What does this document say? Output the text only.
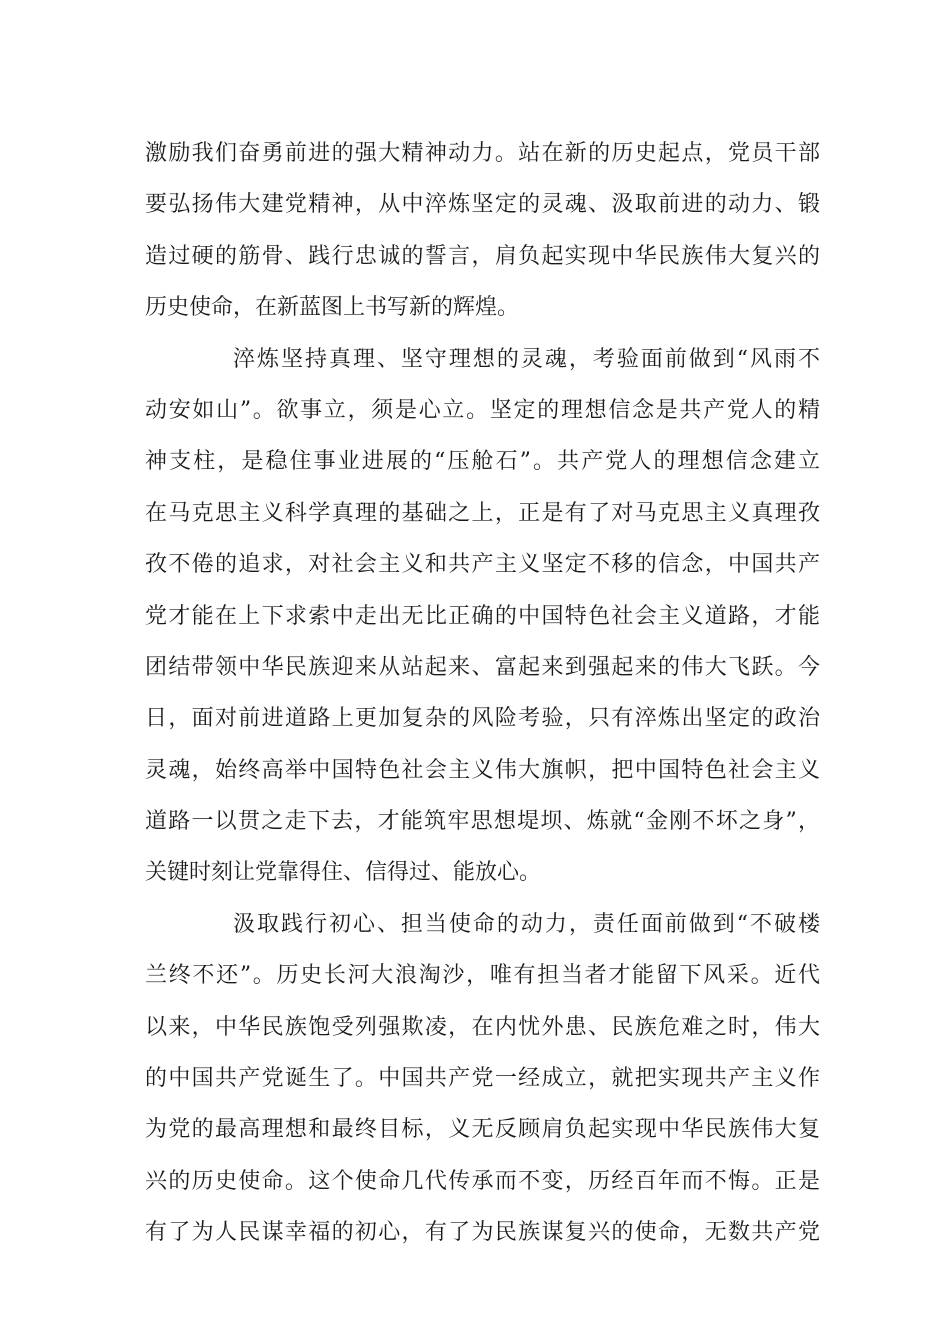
激励我们奋勇前进的强大精神动力。站在新的历史起点，党员干部
要弘扬伟大建党精神，从中淬炼坚定的灵魂、汲取前进的动力、锻
造过硬的筋骨、践行忠诚的誓言，肩负起实现中华民族伟大复兴的
历史使命，在新蓝图上书写新的辉煌。
淬炼坚持真理、坚守理想的灵魂，考验面前做到“风雨不
动安如山”。欲事立，须是心立。坚定的理想信念是共产党人的精
神支柱，是稳住事业进展的“压舱石”。共产党人的理想信念建立
在马克思主义科学真理的基础之上，正是有了对马克思主义真理孜
孜不倦的追求，对社会主义和共产主义坚定不移的信念，中国共产
党才能在上下求索中走出无比正确的中国特色社会主义道路，才能
团结带领中华民族迎来从站起来、富起来到强起来的伟大飞跃。今
日，面对前进道路上更加复杂的风险考验，只有淬炼出坚定的政治
灵魂，始终高举中国特色社会主义伟大旗帜，把中国特色社会主义
道路一以贯之走下去，才能筑牢思想堤坝、炼就“金刚不坏之身”，
关键时刻让党靠得住、信得过、能放心。
汲取践行初心、担当使命的动力，责任面前做到“不破楼
兰终不还”。历史长河大浪淘沙，唯有担当者才能留下风采。近代
以来，中华民族饱受列强欺凌，在内忧外患、民族危难之时，伟大
的中国共产党诞生了。中国共产党一经成立，就把实现共产主义作
为党的最高理想和最终目标，义无反顾肩负起实现中华民族伟大复
兴的历史使命。这个使命几代传承而不变，历经百年而不悔。正是
有了为人民谋幸福的初心，有了为民族谋复兴的使命，无数共产党
